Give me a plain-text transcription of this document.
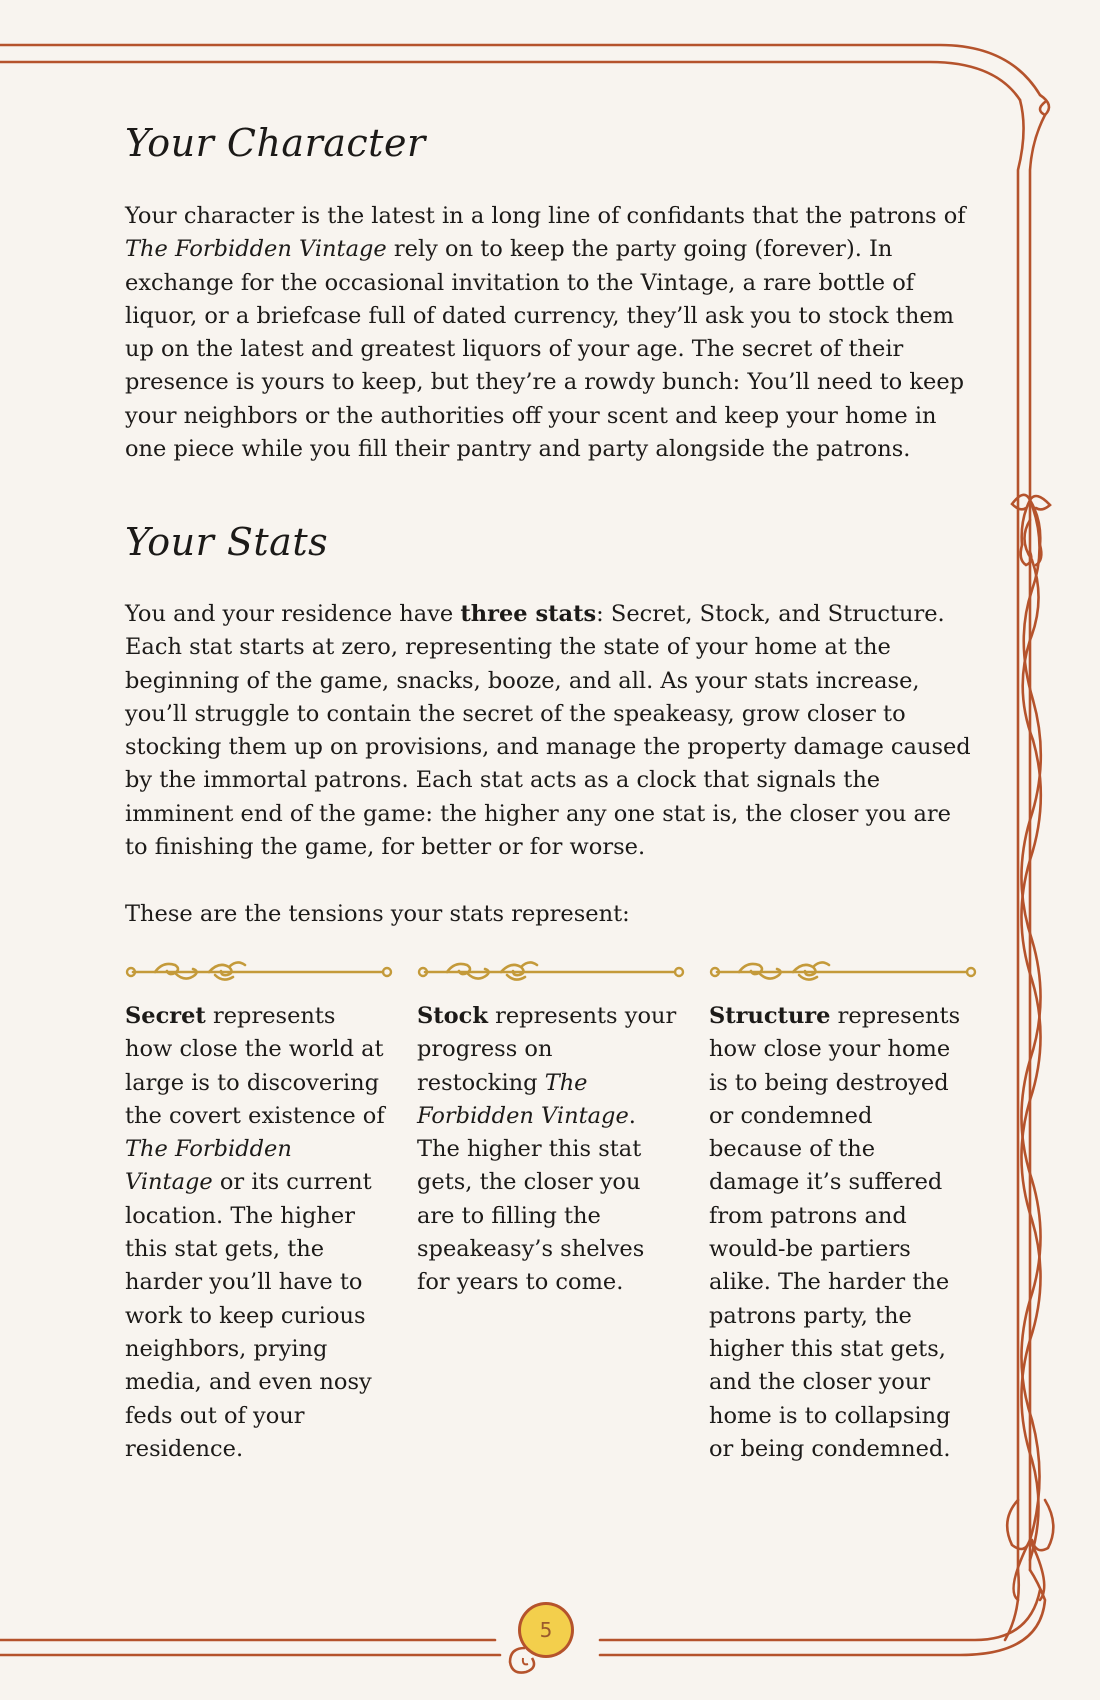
Your Character

Your character is the latest in a long line of confidants that the patrons of The Forbidden Vintage rely on to keep the party going (forever). In exchange for the occasional invitation to the Vintage, a rare bottle of liquor, or a briefcase full of dated currency, they’ll ask you to stock them up on the latest and greatest liquors of your age. The secret of their presence is yours to keep, but they’re a rowdy bunch: You’ll need to keep your neighbors or the authorities off your scent and keep your home in one piece while you fill their pantry and party alongside the patrons.

Your Stats

You and your residence have three stats: Secret, Stock, and Structure. Each stat starts at zero, representing the state of your home at the beginning of the game, snacks, booze, and all. As your stats increase, you’ll struggle to contain the secret of the speakeasy, grow closer to stocking them up on provisions, and manage the property damage caused by the immortal patrons. Each stat acts as a clock that signals the imminent end of the game: the higher any one stat is, the closer you are to finishing the game, for better or for worse.

These are the tensions your stats represent:

Secret represents how close the world at large is to discovering the covert existence of The Forbidden Vintage or its current location. The higher this stat gets, the harder you’ll have to work to keep curious neighbors, prying media, and even nosy feds out of your residence.
Stock represents your progress on restocking The Forbidden Vintage. The higher this stat gets, the closer you are to filling the speakeasy’s shelves for years to come.
Structure represents how close your home is to being destroyed or condemned because of the damage it’s suffered from patrons and would-be partiers alike. The harder the patrons party, the higher this stat gets, and the closer your home is to collapsing or being condemned.
5
